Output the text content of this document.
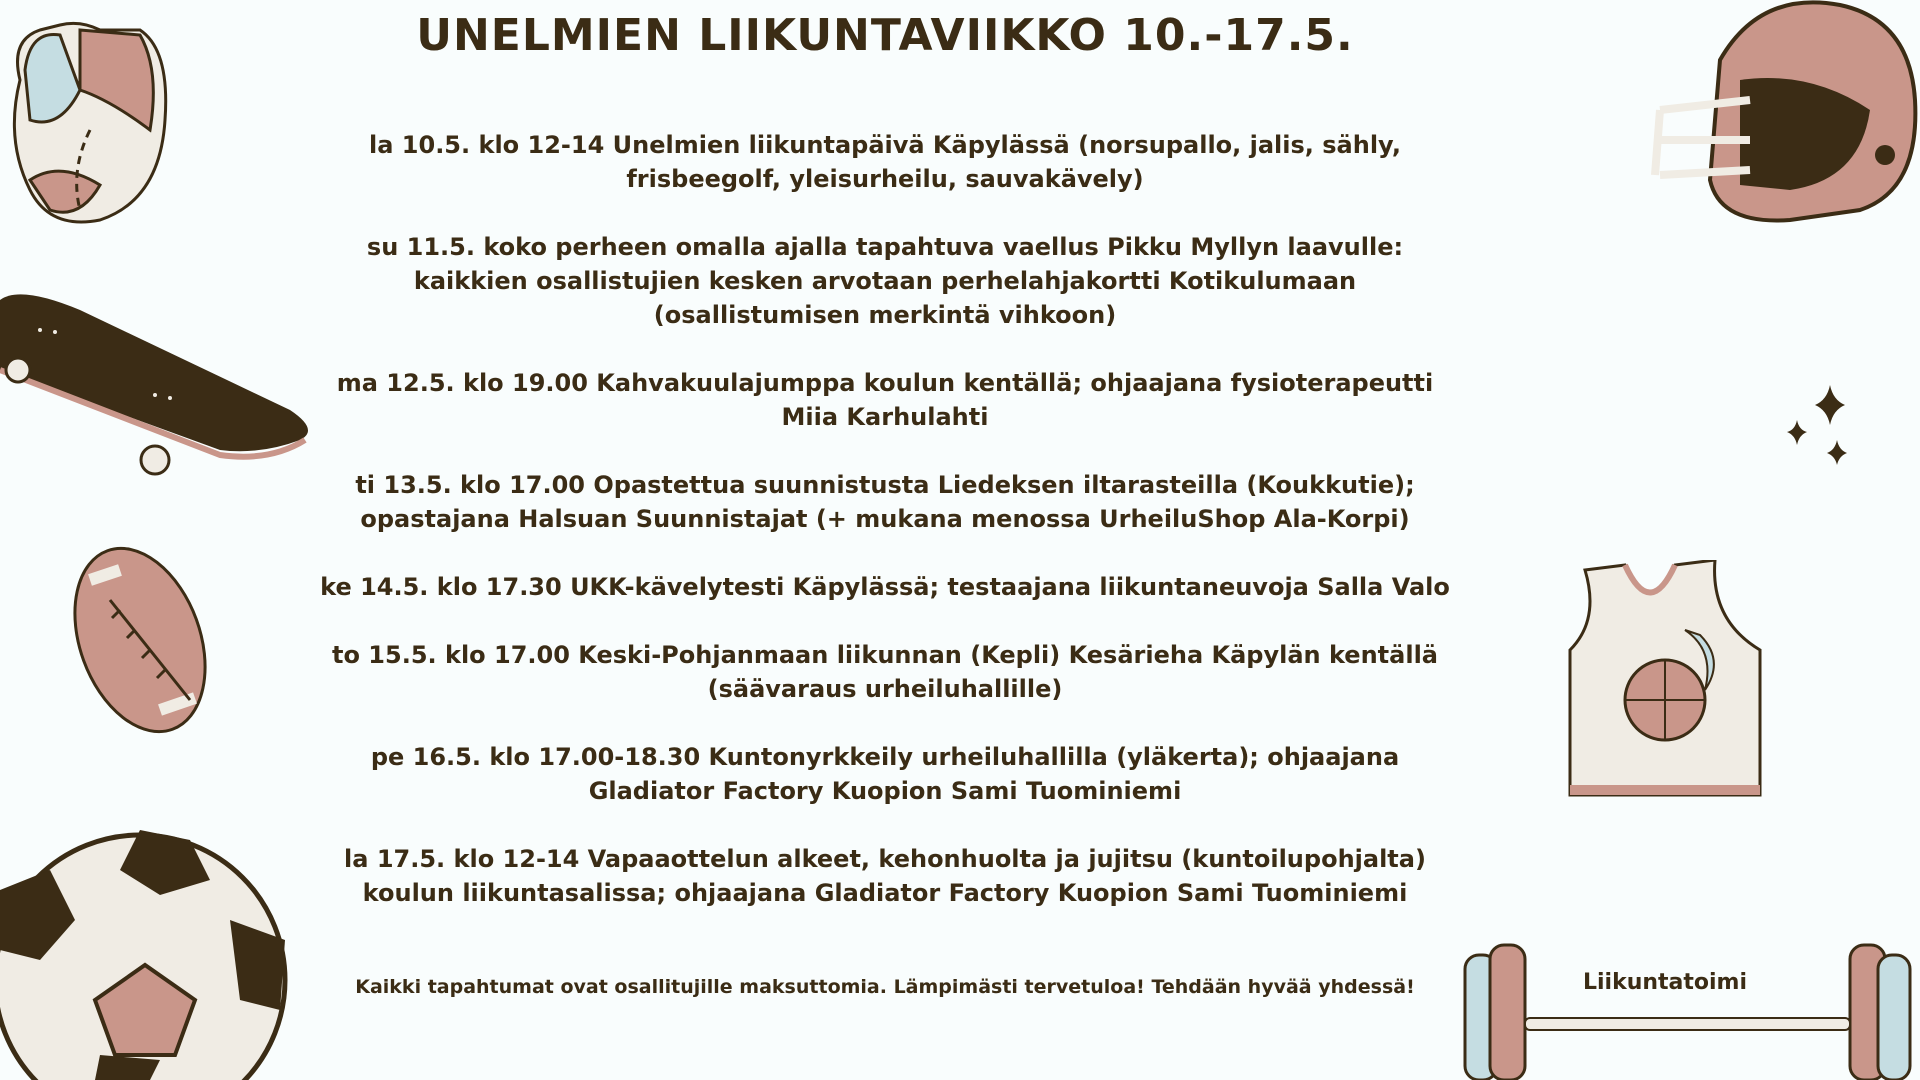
UNELMIEN LIIKUNTAVIIKKO 10.-17.5.
la 10.5. klo 12-14 Unelmien liikuntapäivä Käpylässä (norsupallo, jalis, sähly,
frisbeegolf, yleisurheilu, sauvakävely)
su 11.5. koko perheen omalla ajalla tapahtuva vaellus Pikku Myllyn laavulle:
kaikkien osallistujien kesken arvotaan perhelahjakortti Kotikulumaan
(osallistumisen merkintä vihkoon)
ma 12.5. klo 19.00 Kahvakuulajumppa koulun kentällä; ohjaajana fysioterapeutti
Miia Karhulahti
ti 13.5. klo 17.00 Opastettua suunnistusta Liedeksen iltarasteilla (Koukkutie);
opastajana Halsuan Suunnistajat (+ mukana menossa UrheiluShop Ala-Korpi)
ke 14.5. klo 17.30 UKK-kävelytesti Käpylässä; testaajana liikuntaneuvoja Salla Valo
to 15.5. klo 17.00 Keski-Pohjanmaan liikunnan (Kepli) Kesärieha Käpylän kentällä
(säävaraus urheiluhallille)
pe 16.5. klo 17.00-18.30 Kuntonyrkkeily urheiluhallilla (yläkerta); ohjaajana
Gladiator Factory Kuopion Sami Tuominiemi
la 17.5. klo 12-14 Vapaaottelun alkeet, kehonhuolta ja jujitsu (kuntoilupohjalta)
koulun liikuntasalissa; ohjaajana Gladiator Factory Kuopion Sami Tuominiemi
Kaikki tapahtumat ovat osallitujille maksuttomia. Lämpimästi tervetuloa! Tehdään hyvää yhdessä!	Liikuntatoimi
